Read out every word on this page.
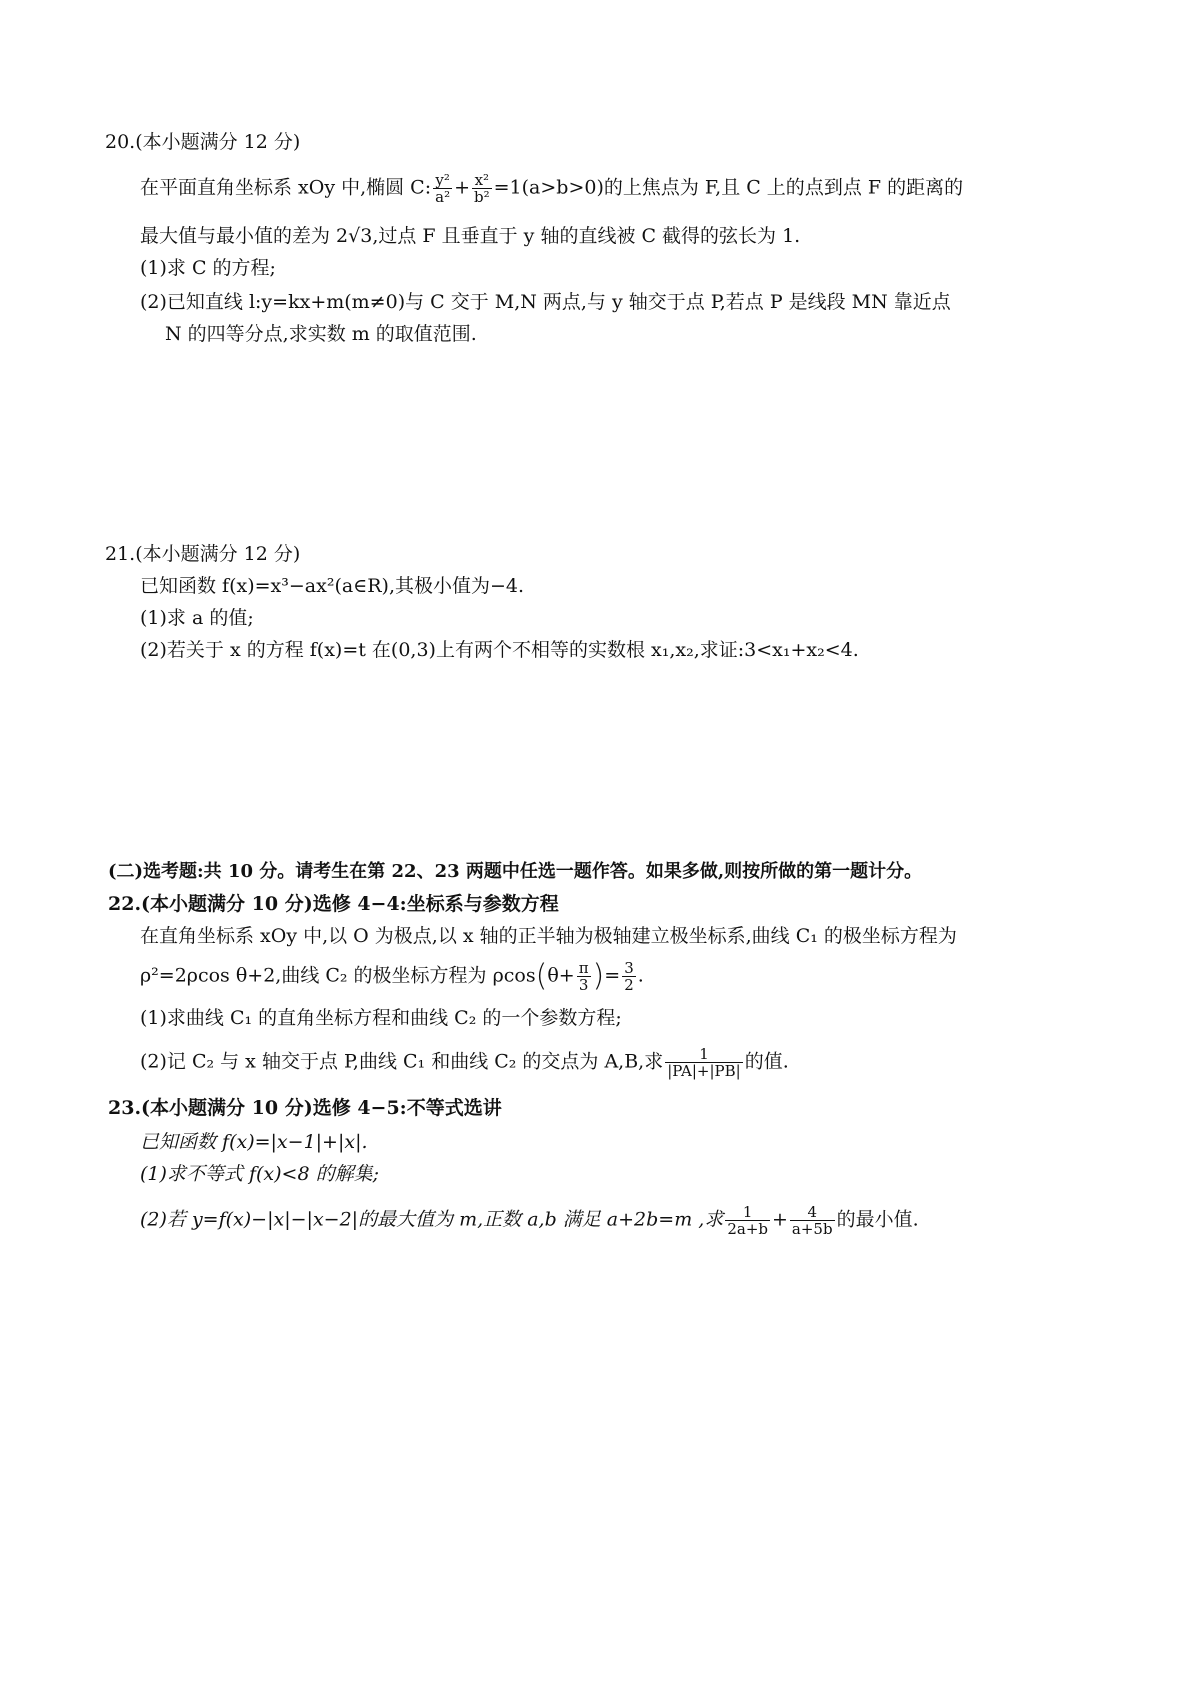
20.(本小题满分 12 分)
在平面直角坐标系 xOy 中,椭圆 C: $\frac{\text{y²}}{\text{a²}} + \frac{\text{x²}}{\text{b²}} =1(a>b>0)$的上焦点为 F,且 C 上的点到点 F 的距离的
最大值与最小值的差为 2√3,过点 F 且垂直于 y 轴的直线被 C 截得的弦长为 1.
(1)求 C 的方程;
(2)已知直线 l:y=kx+m(m≠0)与 C 交于 M,N 两点,与 y 轴交于点 P,若点 P 是线段 MN 靠近点
N 的四等分点,求实数 m 的取值范围.
21.(本小题满分 12 分)
已知函数 f(x)=x³−ax²(a∈R),其极小值为−4.
(1)求 a 的值;
(2)若关于 x 的方程 f(x)=t 在(0,3)上有两个不相等的实数根 x₁,x₂,求证:3<x₁+x₂<4.
(二)选考题:共 10 分。请考生在第 22、23 两题中任选一题作答。如果多做,则按所做的第一题计分。
22.(本小题满分 10 分)选修 4−4:坐标系与参数方程
在直角坐标系 xOy 中,以 O 为极点,以 x 轴的正半轴为极轴建立极坐标系,曲线 C₁ 的极坐标方程为
ρ²=2ρcos θ+2,曲线 C₂ 的极坐标方程为 $\rho\cos(\theta+ \frac{\pi}{3}$ )= $\frac{3}{2}$ .
(1)求曲线 C₁ 的直角坐标方程和曲线 C₂ 的一个参数方程;
(2)记 C₂ 与 x 轴交于点 P,曲线 C₁ 和曲线 C₂ 的交点为 A,B,求 $\frac{1}{|PA|+|PB|}$ 的值.
23.(本小题满分 10 分)选修 4−5:不等式选讲
已知函数 f(x)=|x−1|+|x|.
(1)求不等式 f(x)<8 的解集;
(2)若 y=f(x)−|x|−|x−2|的最大值为 m,正数 a,b 满足 a+2b=m ,求 $\frac{1}{2a+b} + \frac{4}{a+5b}$ 的最小值.
